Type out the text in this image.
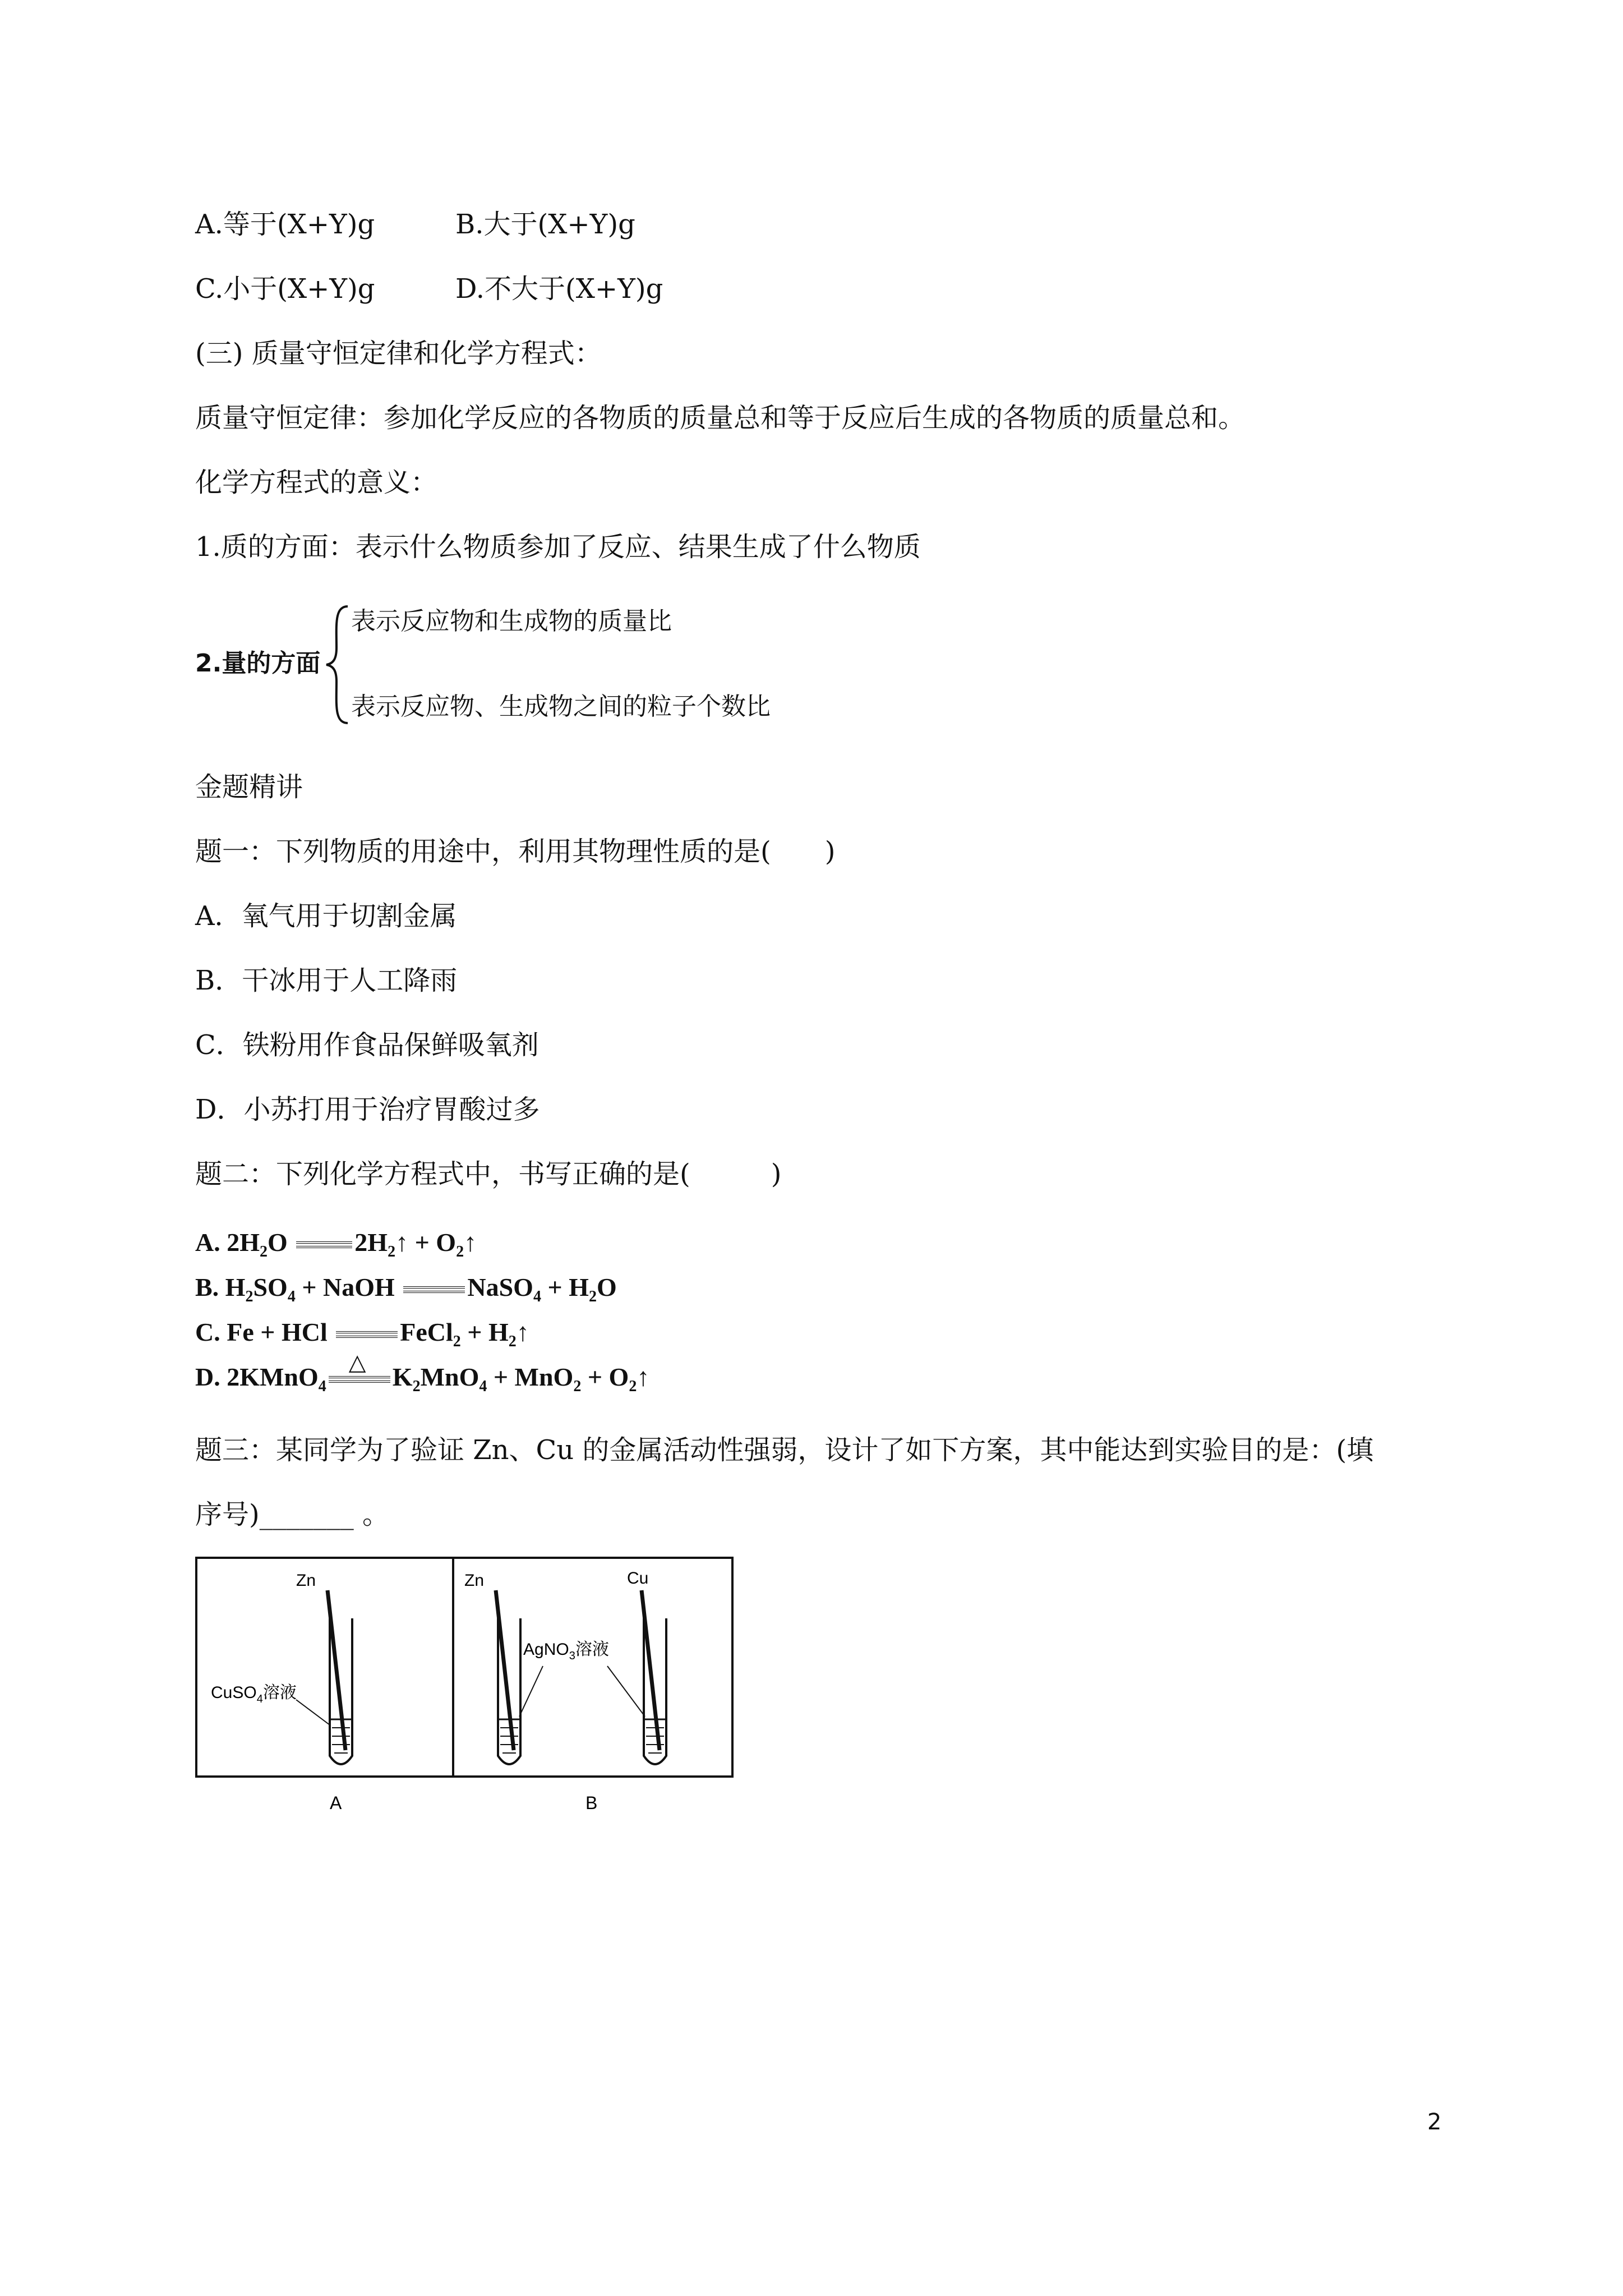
A.等于(X+Y)g	B.大于(X+Y)g
C.小于(X+Y)g	D.不大于(X+Y)g
(三) 质量守恒定律和化学方程式：
质量守恒定律：参加化学反应的各物质的质量总和等于反应后生成的各物质的质量总和。
化学方程式的意义：
1.质的方面：表示什么物质参加了反应、结果生成了什么物质
2.量的方面
表示反应物和生成物的质量比
表示反应物、生成物之间的粒子个数比
金题精讲
题一：下列物质的用途中，利用其物理性质的是(　　)
A．氧气用于切割金属
B．干冰用于人工降雨
C．铁粉用作食品保鲜吸氧剂
D．小苏打用于治疗胃酸过多
题二：下列化学方程式中，书写正确的是(　　　)
A. $2H_2O$ $2H_2↑$ + $O_2↑$
B. $H_2SO_4$ + NaOH	NaSO$_4$ + $H_2O$
C. Fe + HCl	FeCl$_2$ + $H_2↑$
D. 2KMnO$_4$
△
$K_2MnO_4 + MnO_2$ + $O_2↑$
题三：某同学为了验证 Zn、Cu 的金属活动性强弱，设计了如下方案，其中能达到实验目的是：(填
序号)_______ 。
Zn
CuSO$_4$溶液
Zn	Cu
AgNO$_3$溶液
A	B
2
